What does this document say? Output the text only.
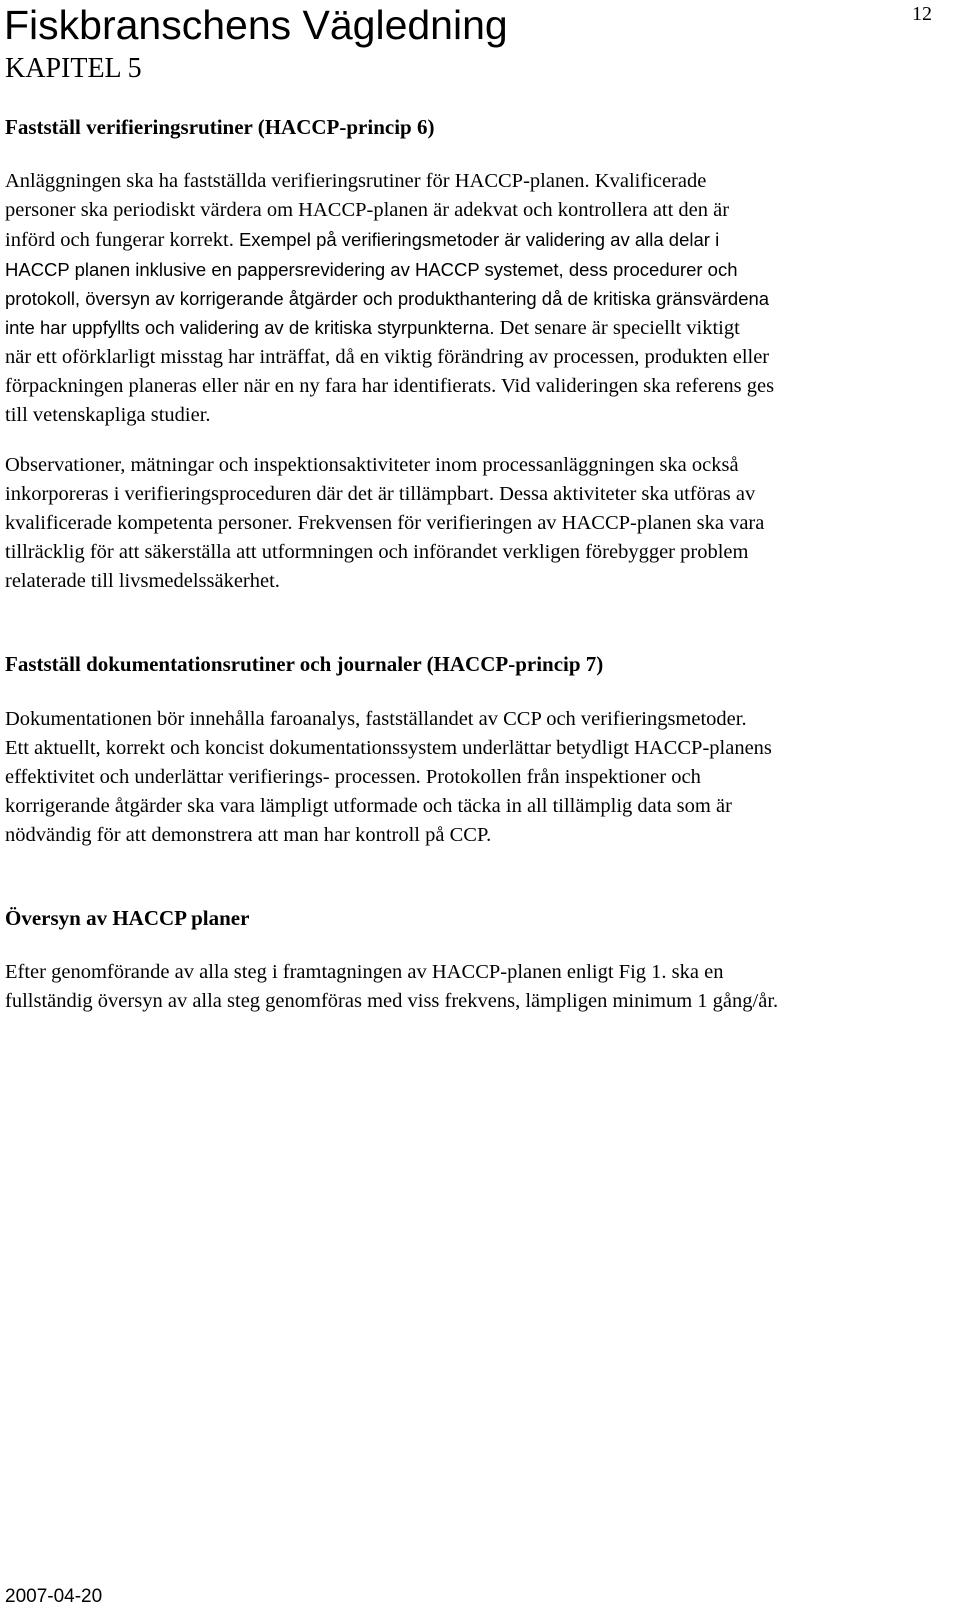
Fiskbranschens Vägledning
KAPITEL 5
12
Fastställ verifieringsrutiner (HACCP-princip 6)
Anläggningen ska ha fastställda verifieringsrutiner för HACCP-planen. Kvalificerade
personer ska periodiskt värdera om HACCP-planen är adekvat och kontrollera att den är
införd och fungerar korrekt. Exempel på verifieringsmetoder är validering av alla delar i
HACCP planen inklusive en pappersrevidering av HACCP systemet, dess procedurer och
protokoll, översyn av korrigerande åtgärder och produkthantering då de kritiska gränsvärdena
inte har uppfyllts och validering av de kritiska styrpunkterna. Det senare är speciellt viktigt
när ett oförklarligt misstag har inträffat, då en viktig förändring av processen, produkten eller
förpackningen planeras eller när en ny fara har identifierats. Vid valideringen ska referens ges
till vetenskapliga studier.
Observationer, mätningar och inspektionsaktiviteter inom processanläggningen ska också
inkorporeras i verifieringsproceduren där det är tillämpbart. Dessa aktiviteter ska utföras av
kvalificerade kompetenta personer. Frekvensen för verifieringen av HACCP-planen ska vara
tillräcklig för att säkerställa att utformningen och införandet verkligen förebygger problem
relaterade till livsmedelssäkerhet.
Fastställ dokumentationsrutiner och journaler (HACCP-princip 7)
Dokumentationen bör innehålla faroanalys, fastställandet av CCP och verifieringsmetoder.
Ett aktuellt, korrekt och koncist dokumentationssystem underlättar betydligt HACCP-planens
effektivitet och underlättar verifierings- processen. Protokollen från inspektioner och
korrigerande åtgärder ska vara lämpligt utformade och täcka in all tillämplig data som är
nödvändig för att demonstrera att man har kontroll på CCP.
Översyn av HACCP planer
Efter genomförande av alla steg i framtagningen av HACCP-planen enligt Fig 1. ska en
fullständig översyn av alla steg genomföras med viss frekvens, lämpligen minimum 1 gång/år.
2007-04-20
